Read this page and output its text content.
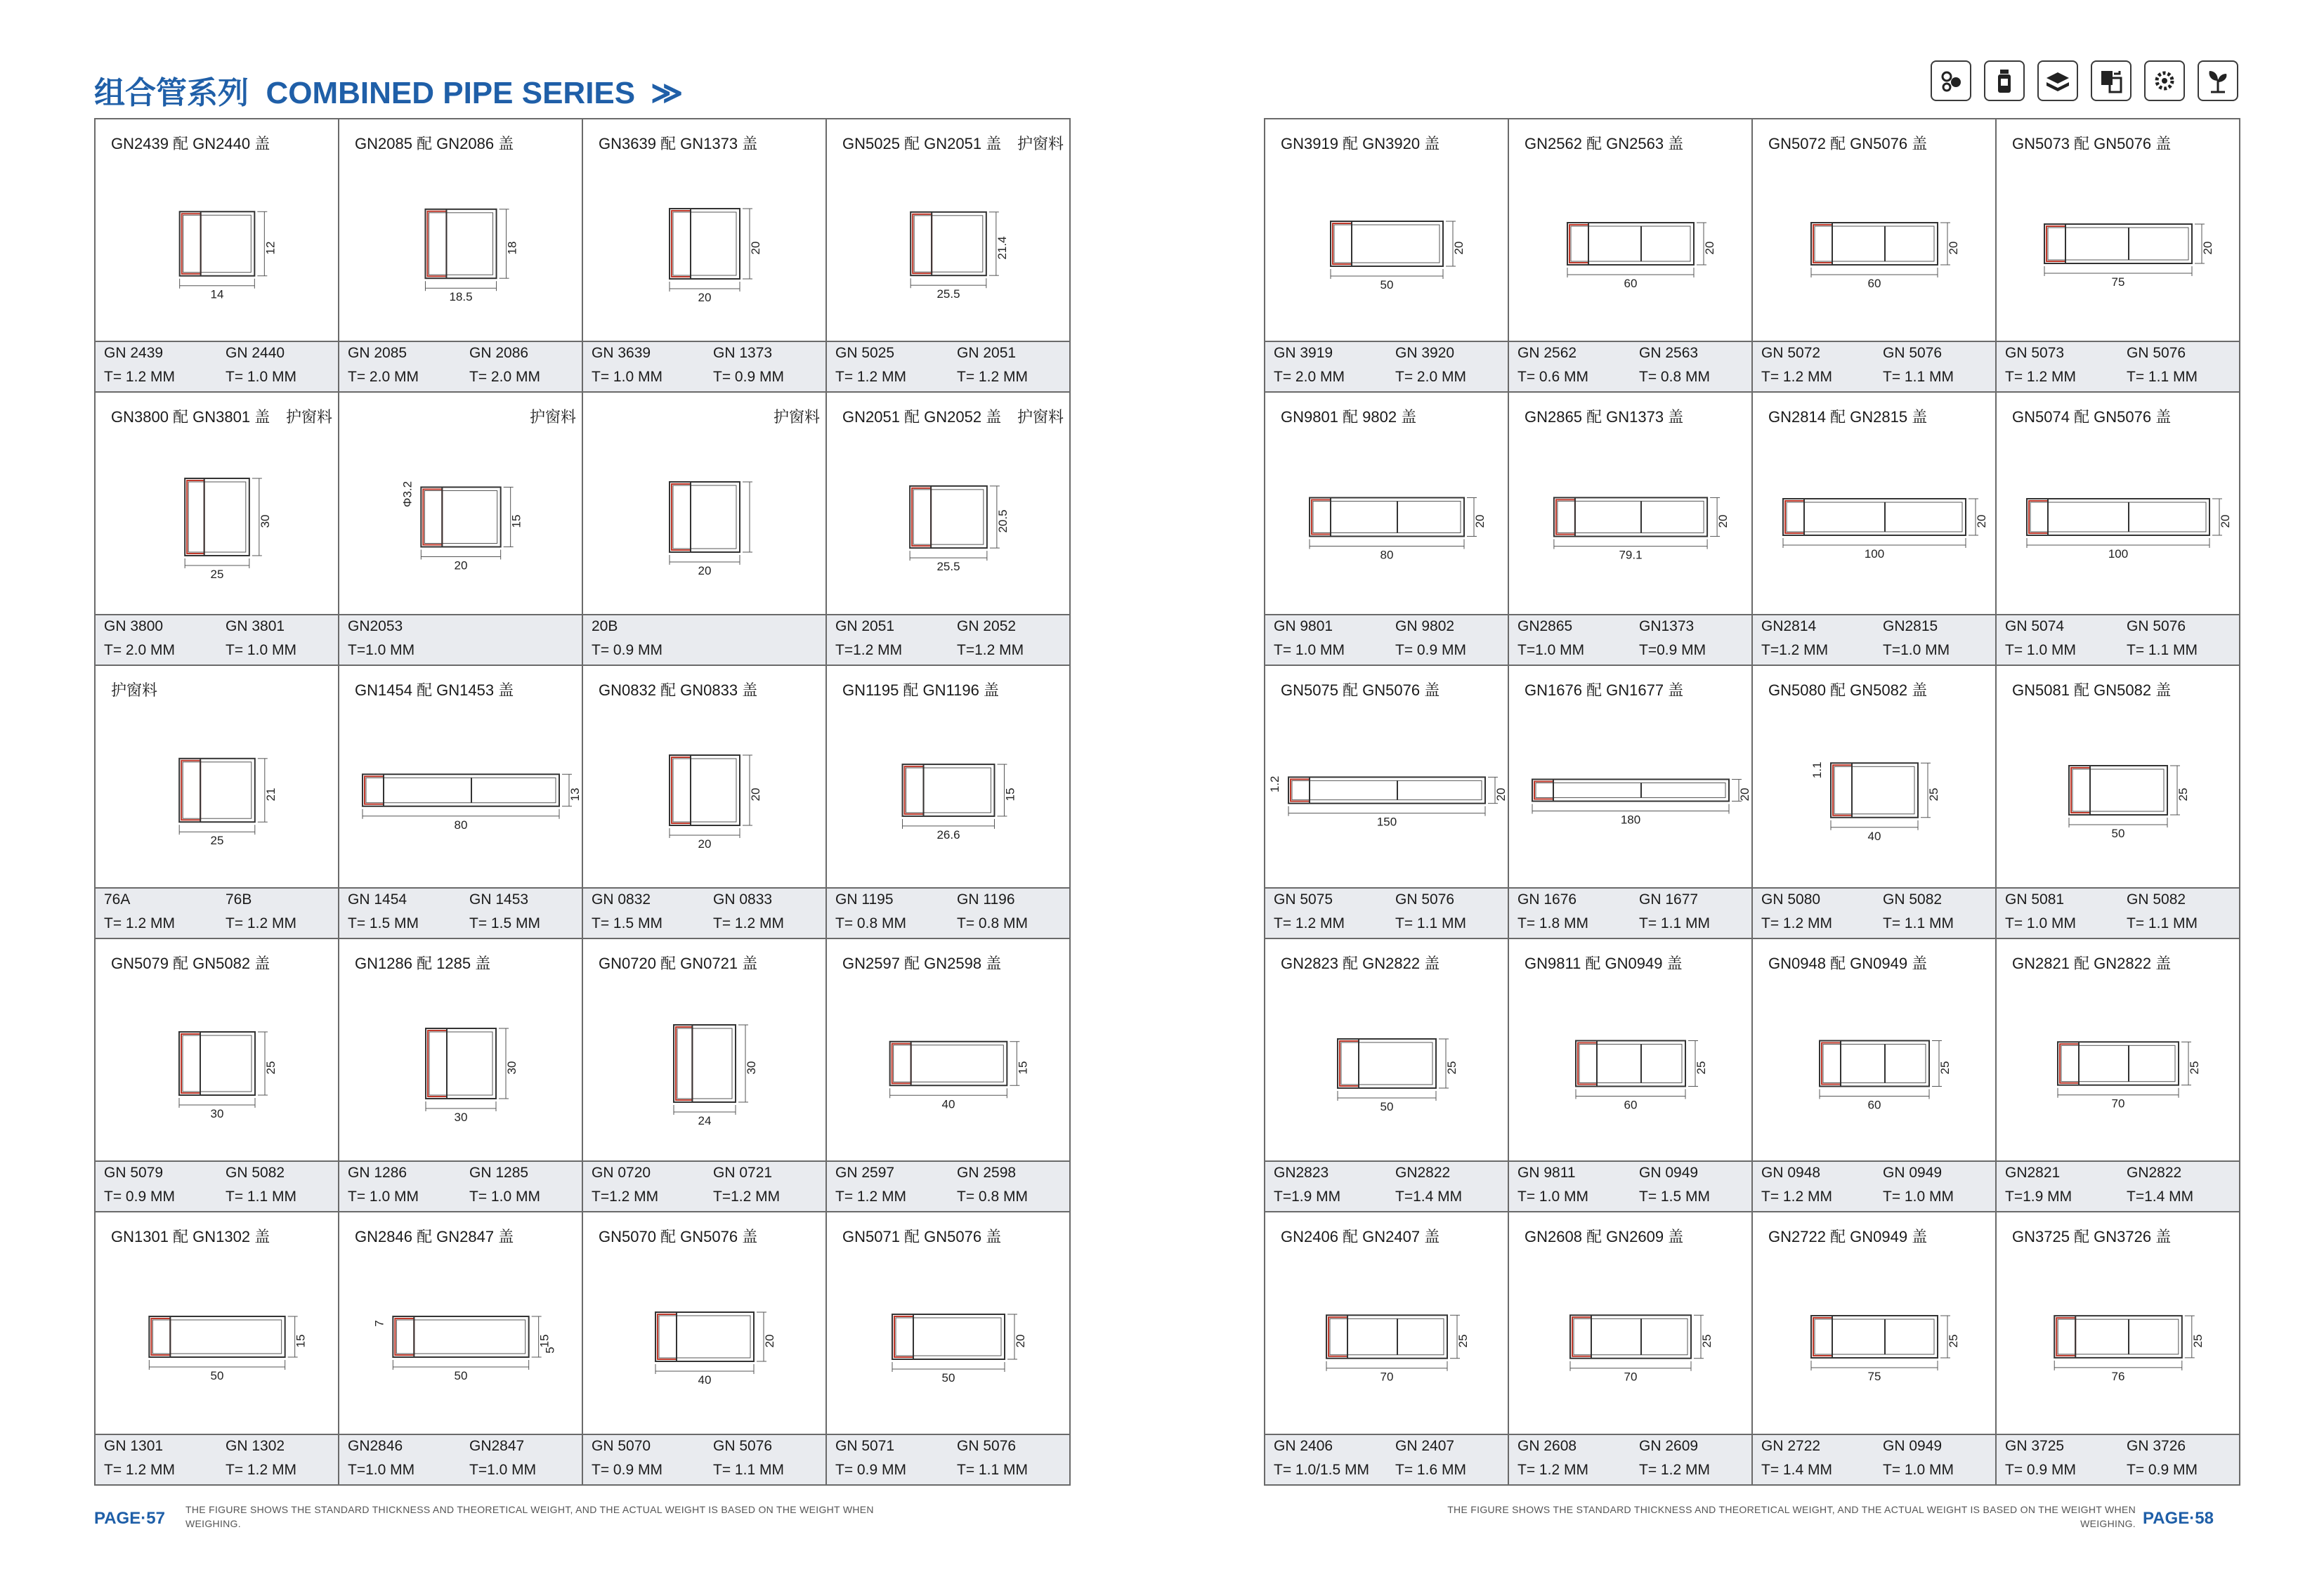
组合管系列 COMBINED PIPE SERIES ≫
GN2439 配 GN2440 盖
GN 2439	GN 2440
T= 1.2 MM	T= 1.0 MM
14
12
GN2085 配 GN2086 盖
GN 2085	GN 2086
T= 2.0 MM	T= 2.0 MM
18.5
18
GN3639 配 GN1373 盖
GN 3639	GN 1373
T= 1.0 MM	T= 0.9 MM
20
20
GN5025 配 GN2051 盖 护窗料
GN 5025	GN 2051
T= 1.2 MM	T= 1.2 MM
25.5
21.4
GN3800 配 GN3801 盖 护窗料
GN 3800	GN 3801
T= 2.0 MM	T= 1.0 MM
25
30
护窗料
GN2053
T=1.0 MM
20
15
Φ3.2
护窗料
20B
T= 0.9 MM
20
GN2051 配 GN2052 盖 护窗料
GN 2051	GN 2052
T=1.2 MM	T=1.2 MM
25.5
20.5
护窗料
76A	76B
T= 1.2 MM	T= 1.2 MM
25
21
GN1454 配 GN1453 盖
GN 1454	GN 1453
T= 1.5 MM	T= 1.5 MM
80
13
GN0832 配 GN0833 盖
GN 0832	GN 0833
T= 1.5 MM	T= 1.2 MM
20
20
GN1195 配 GN1196 盖
GN 1195	GN 1196
T= 0.8 MM	T= 0.8 MM
26.6
15
GN5079 配 GN5082 盖
GN 5079	GN 5082
T= 0.9 MM	T= 1.1 MM
30
25
GN1286 配 1285 盖
GN 1286	GN 1285
T= 1.0 MM	T= 1.0 MM
30
30
GN0720 配 GN0721 盖
GN 0720	GN 0721
T=1.2 MM	T=1.2 MM
24
30
GN2597 配 GN2598 盖
GN 2597	GN 2598
T= 1.2 MM	T= 0.8 MM
40
15
GN1301 配 GN1302 盖
GN 1301	GN 1302
T= 1.2 MM	T= 1.2 MM
50
15
GN2846 配 GN2847 盖
GN2846	GN2847
T=1.0 MM	T=1.0 MM
50
15
7
5
GN5070 配 GN5076 盖
GN 5070	GN 5076
T= 0.9 MM	T= 1.1 MM
40
20
GN5071 配 GN5076 盖
GN 5071	GN 5076
T= 0.9 MM	T= 1.1 MM
50
20
GN3919 配 GN3920 盖
GN 3919	GN 3920
T= 2.0 MM	T= 2.0 MM
50
20
GN2562 配 GN2563 盖
GN 2562	GN 2563
T= 0.6 MM	T= 0.8 MM
60
20
GN5072 配 GN5076 盖
GN 5072	GN 5076
T= 1.2 MM	T= 1.1 MM
60
20
GN5073 配 GN5076 盖
GN 5073	GN 5076
T= 1.2 MM	T= 1.1 MM
75
20
GN9801 配 9802 盖
GN 9801	GN 9802
T= 1.0 MM	T= 0.9 MM
80
20
GN2865 配 GN1373 盖
GN2865	GN1373
T=1.0 MM	T=0.9 MM
79.1
20
GN2814 配 GN2815 盖
GN2814	GN2815
T=1.2 MM	T=1.0 MM
100
20
GN5074 配 GN5076 盖
GN 5074	GN 5076
T= 1.0 MM	T= 1.1 MM
100
20
GN5075 配 GN5076 盖
GN 5075	GN 5076
T= 1.2 MM	T= 1.1 MM
150
20
1.2
GN1676 配 GN1677 盖
GN 1676	GN 1677
T= 1.8 MM	T= 1.1 MM
180
20
GN5080 配 GN5082 盖
GN 5080	GN 5082
T= 1.2 MM	T= 1.1 MM
40
25
1.1
GN5081 配 GN5082 盖
GN 5081	GN 5082
T= 1.0 MM	T= 1.1 MM
50
25
GN2823 配 GN2822 盖
GN2823	GN2822
T=1.9 MM	T=1.4 MM
50
25
GN9811 配 GN0949 盖
GN 9811	GN 0949
T= 1.0 MM	T= 1.5 MM
60
25
GN0948 配 GN0949 盖
GN 0948	GN 0949
T= 1.2 MM	T= 1.0 MM
60
25
GN2821 配 GN2822 盖
GN2821	GN2822
T=1.9 MM	T=1.4 MM
70
25
GN2406 配 GN2407 盖
GN 2406	GN 2407
T= 1.0/1.5 MM T= 1.6 MM
70
25
GN2608 配 GN2609 盖
GN 2608	GN 2609
T= 1.2 MM	T= 1.2 MM
70
25
GN2722 配 GN0949 盖
GN 2722	GN 0949
T= 1.4 MM	T= 1.0 MM
75
25
GN3725 配 GN3726 盖
GN 3725	GN 3726
T= 0.9 MM	T= 0.9 MM
76
25
PAGE·57 THE FIGURE SHOWS THE STANDARD THICKNESS AND THEORETICAL WEIGHT, AND THE ACTUAL WEIGHT IS BASED ON THE WEIGHT WHEN WEIGHING.
THE FIGURE SHOWS THE STANDARD THICKNESS AND THEORETICAL WEIGHT, AND THE ACTUAL WEIGHT IS BASED ON THE WEIGHT WHEN WEIGHING. PAGE·58
